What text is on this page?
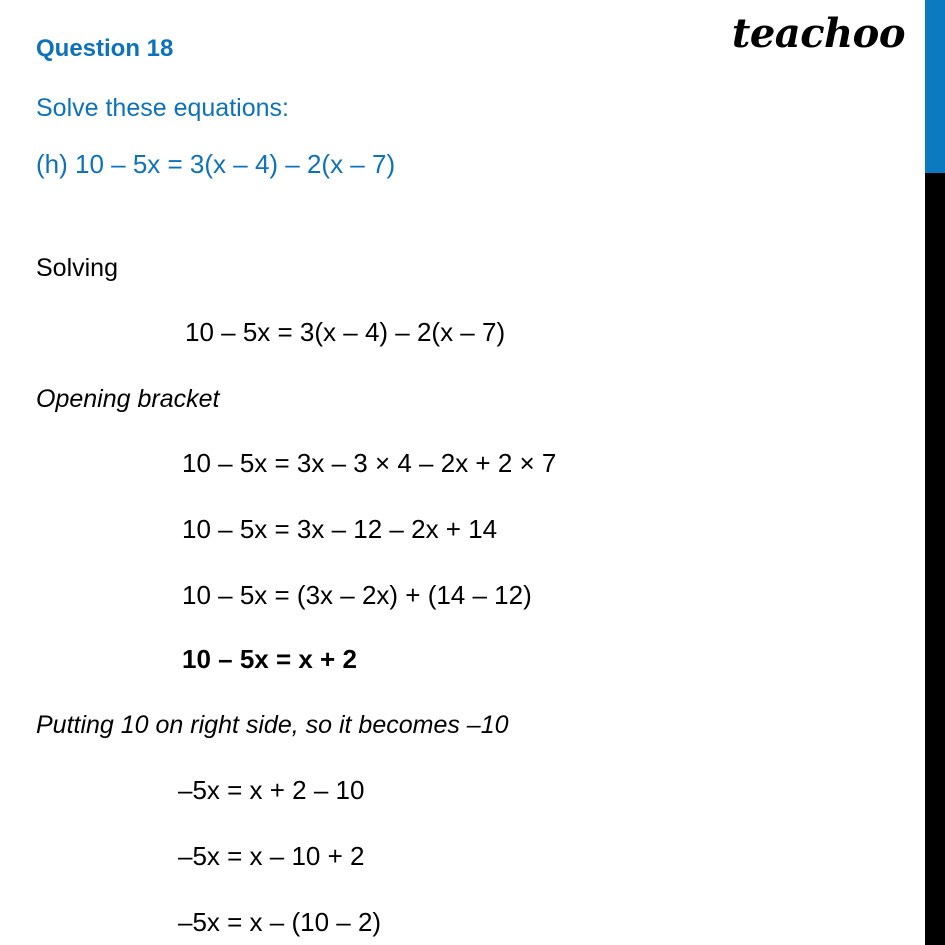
teachoo
Question 18
Solve these equations:
(h) 10 – 5x = 3(x – 4) – 2(x – 7)
Solving
10 – 5x = 3(x – 4) – 2(x – 7)
Opening bracket
10 – 5x = 3x – 3 × 4 – 2x + 2 × 7
10 – 5x = 3x – 12 – 2x + 14
10 – 5x = (3x – 2x) + (14 – 12)
10 – 5x = x + 2
Putting 10 on right side, so it becomes –10
–5x = x + 2 – 10
–5x = x – 10 + 2
–5x = x – (10 – 2)
